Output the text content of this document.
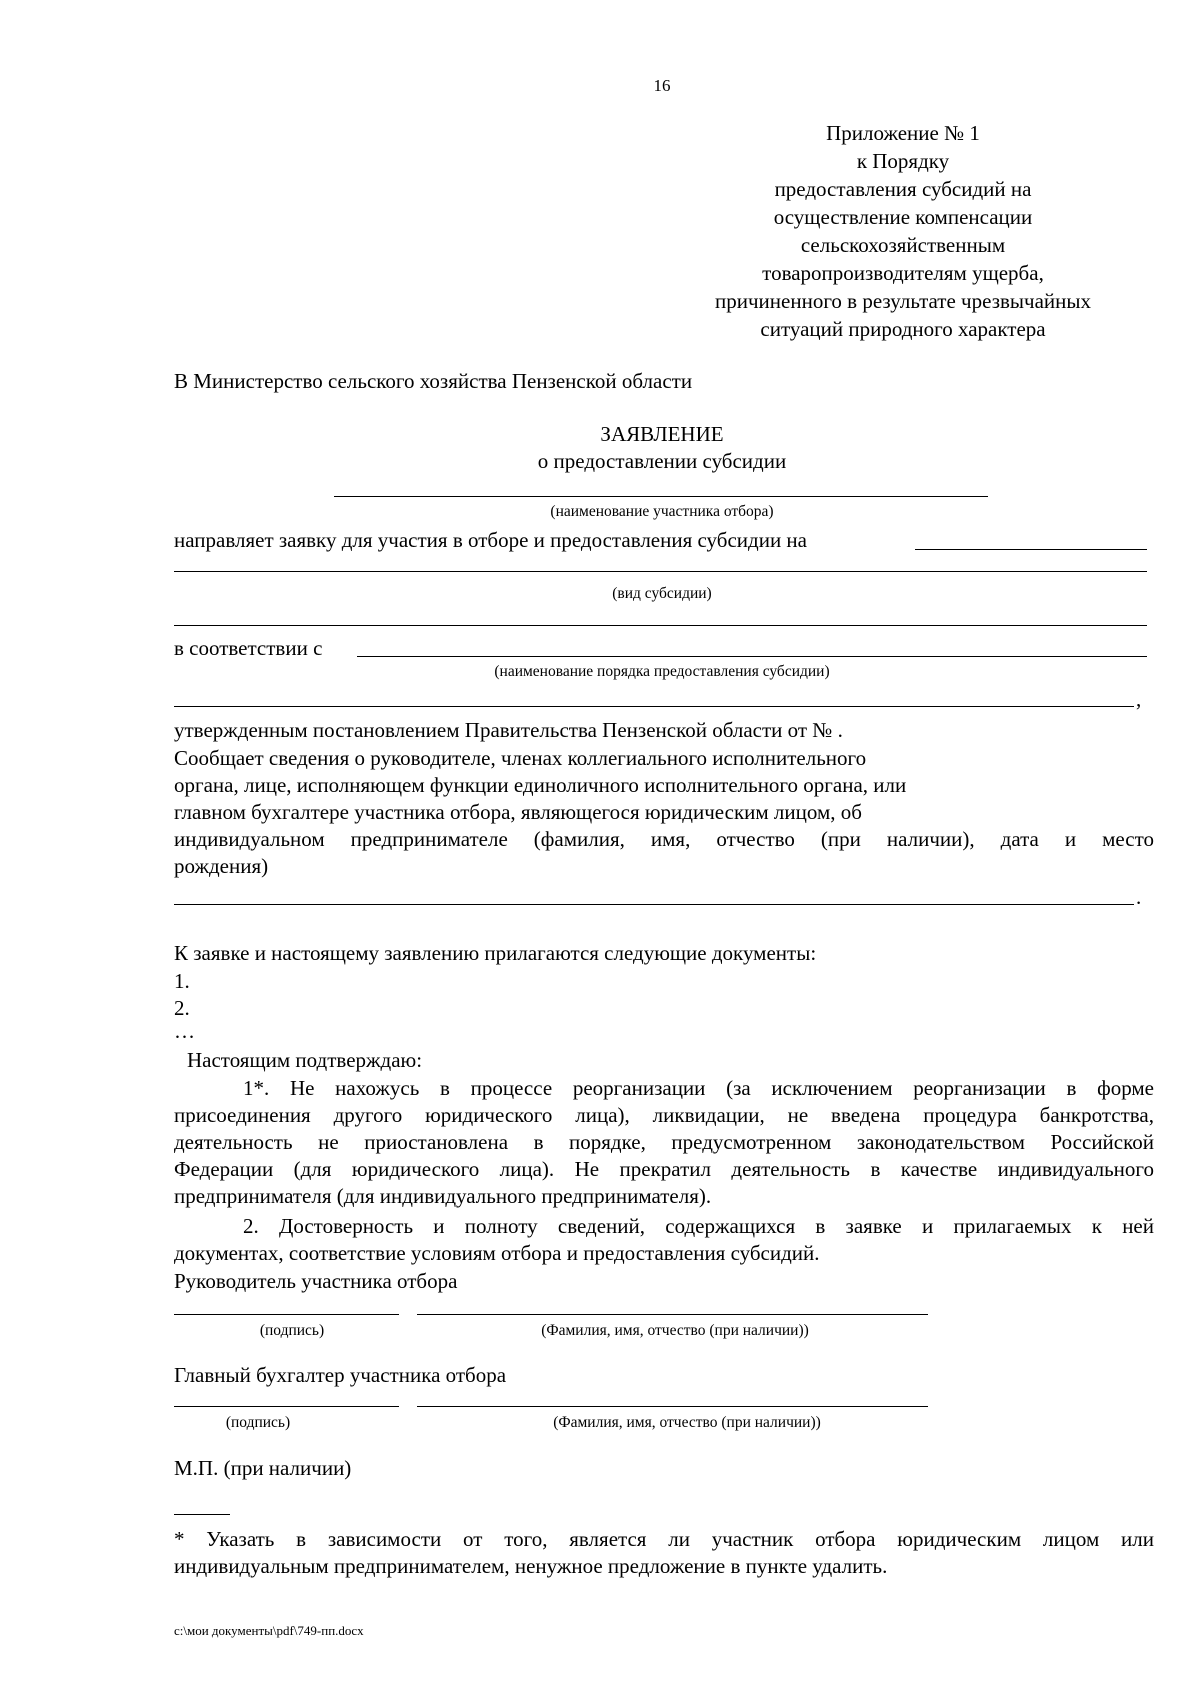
16
Приложение № 1
к Порядку
предоставления субсидий на
осуществление компенсации
сельскохозяйственным
товаропроизводителям ущерба,
причиненного в результате чрезвычайных
ситуаций природного характера
В Министерство сельского хозяйства Пензенской области
ЗАЯВЛЕНИЕ
о предоставлении субсидии
(наименование участника отбора)
направляет заявку для участия в отборе и предоставления субсидии на
(вид субсидии)
в соответствии с
(наименование порядка предоставления субсидии)
,
утвержденным постановлением Правительства Пензенской области от № .
Сообщает сведения о руководителе, членах коллегиального исполнительного
органа, лице, исполняющем функции единоличного исполнительного органа, или
главном бухгалтере участника отбора, являющегося юридическим лицом, об
индивидуальном предпринимателе (фамилия, имя, отчество (при наличии), дата и место
рождения)
.
К заявке и настоящему заявлению прилагаются следующие документы:
1.
2.
…
Настоящим подтверждаю:
1*. Не нахожусь в процессе реорганизации (за исключением реорганизации в форме
присоединения другого юридического лица), ликвидации, не введена процедура банкротства,
деятельность не приостановлена в порядке, предусмотренном законодательством Российской
Федерации (для юридического лица). Не прекратил деятельность в качестве индивидуального
предпринимателя (для индивидуального предпринимателя).
2. Достоверность и полноту сведений, содержащихся в заявке и прилагаемых к ней
документах, соответствие условиям отбора и предоставления субсидий.
Руководитель участника отбора
(подпись)	(Фамилия, имя, отчество (при наличии))
Главный бухгалтер участника отбора
(подпись)	(Фамилия, имя, отчество (при наличии))
М.П. (при наличии)
* Указать в зависимости от того, является ли участник отбора юридическим лицом или
индивидуальным предпринимателем, ненужное предложение в пункте удалить.
c:\мои документы\pdf\749-пп.docx
